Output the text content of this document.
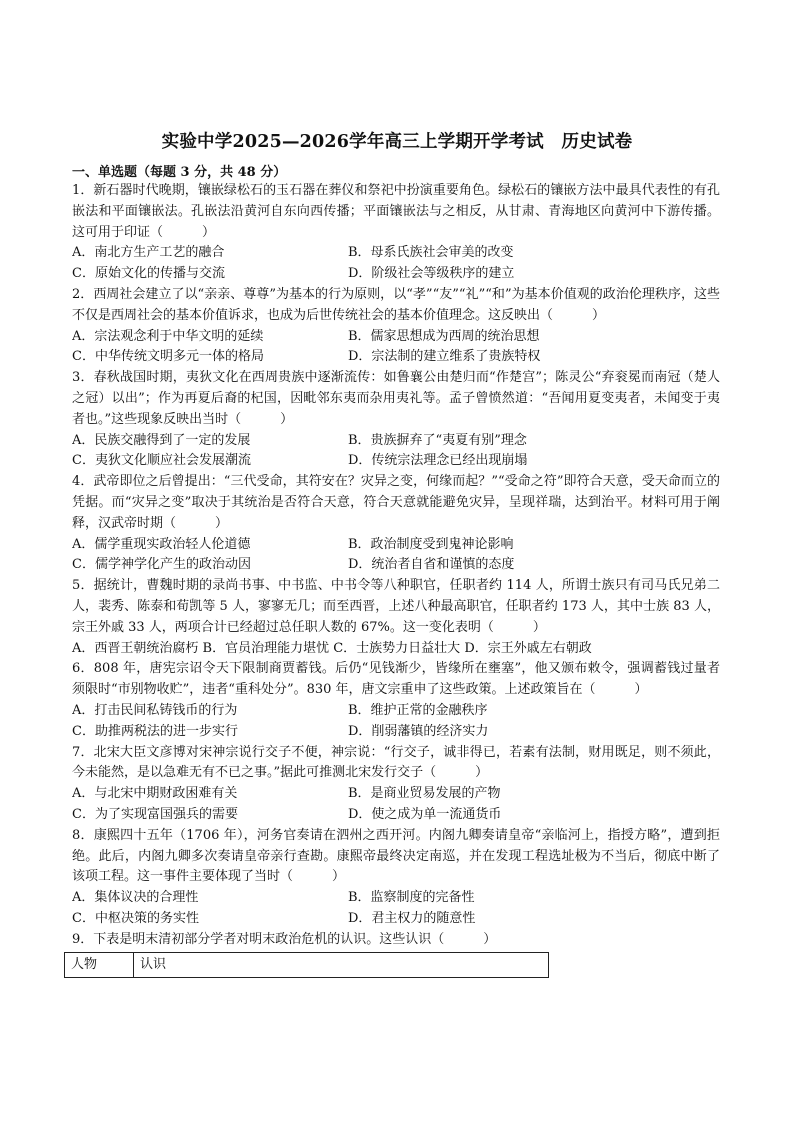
实验中学2025—2026学年高三上学期开学考试　历史试卷
一、单选题（每题 3 分，共 48 分）

1．新石器时代晚期，镶嵌绿松石的玉石器在葬仪和祭祀中扮演重要角色。绿松石的镶嵌方法中最具代表性的有孔嵌法和平面镶嵌法。孔嵌法沿黄河自东向西传播；平面镶嵌法与之相反，从甘肃、青海地区向黄河中下游传播。这可用于印证（　　　）

A．南北方生产工艺的融合	B．母系氏族社会审美的改变
C．原始文化的传播与交流	D．阶级社会等级秩序的建立

2．西周社会建立了以“亲亲、尊尊”为基本的行为原则，以“孝”“友”“礼”“和”为基本价值观的政治伦理秩序，这些不仅是西周社会的基本价值诉求，也成为后世传统社会的基本价值理念。这反映出（　　　）

A．宗法观念利于中华文明的延续	B．儒家思想成为西周的统治思想
C．中华传统文明多元一体的格局	D．宗法制的建立维系了贵族特权

3．春秋战国时期，夷狄文化在西周贵族中逐渐流传：如鲁襄公由楚归而“作楚宫”；陈灵公“弃衮冕而南冠（楚人之冠）以出”；作为再夏后裔的杞国，因毗邻东夷而杂用夷礼等。孟子曾愤然道：“吾闻用夏变夷者，未闻变于夷者也。”这些现象反映出当时（　　　）

A．民族交融得到了一定的发展	B．贵族摒弃了“夷夏有别”理念
C．夷狄文化顺应社会发展潮流	D．传统宗法理念已经出现崩塌

4．武帝即位之后曾提出：“三代受命，其符安在？灾异之变，何缘而起？”“受命之符”即符合天意，受天命而立的凭据。而“灾异之变”取决于其统治是否符合天意，符合天意就能避免灾异，呈现祥瑞，达到治平。材料可用于阐释，汉武帝时期（　　　）

A．儒学重现实政治轻人伦道德	B．政治制度受到鬼神论影响
C．儒学神学化产生的政治动因	D．统治者自省和谨慎的态度

5．据统计，曹魏时期的录尚书事、中书监、中书令等八种职官，任职者约 114 人，所谓士族只有司马氏兄弟二人，裴秀、陈泰和荀凯等 5 人，寥寥无几；而至西晋，上述八种最高职官，任职者约 173 人，其中士族 83 人，宗王外戚 33 人，两项合计已经超过总任职人数的 67%。这一变化表明（　　　）

A．西晋王朝统治腐朽 B．官员治理能力堪忧 C．士族势力日益壮大 D．宗王外戚左右朝政

6．808 年，唐宪宗诏令天下限制商贾蓄钱。后仍“见钱渐少，皆缘所在壅塞”，他又颁布敕令，强调蓄钱过量者须限时“市别物收贮”，违者“重科处分”。830 年，唐文宗重申了这些政策。上述政策旨在（　　　）

A．打击民间私铸钱币的行为	B．维护正常的金融秩序
C．助推两税法的进一步实行	D．削弱藩镇的经济实力

7．北宋大臣文彦博对宋神宗说行交子不便，神宗说：“行交子，诚非得已，若素有法制，财用既足，则不须此，今未能然，是以急难无有不已之事。”据此可推测北宋发行交子（　　　）

A．与北宋中期财政困难有关	B．是商业贸易发展的产物
C．为了实现富国强兵的需要	D．使之成为单一流通货币

8．康熙四十五年（1706 年），河务官奏请在泗州之西开河。内阁九卿奏请皇帝“亲临河上，指授方略”，遭到拒绝。此后，内阁九卿多次奏请皇帝亲行查勘。康熙帝最终决定南巡，并在发现工程选址极为不当后，彻底中断了该项工程。这一事件主要体现了当时（　　　）

A．集体议决的合理性	B．监察制度的完备性
C．中枢决策的务实性	D．君主权力的随意性

9．下表是明末清初部分学者对明末政治危机的认识。这些认识（　　　）

人物	认识
